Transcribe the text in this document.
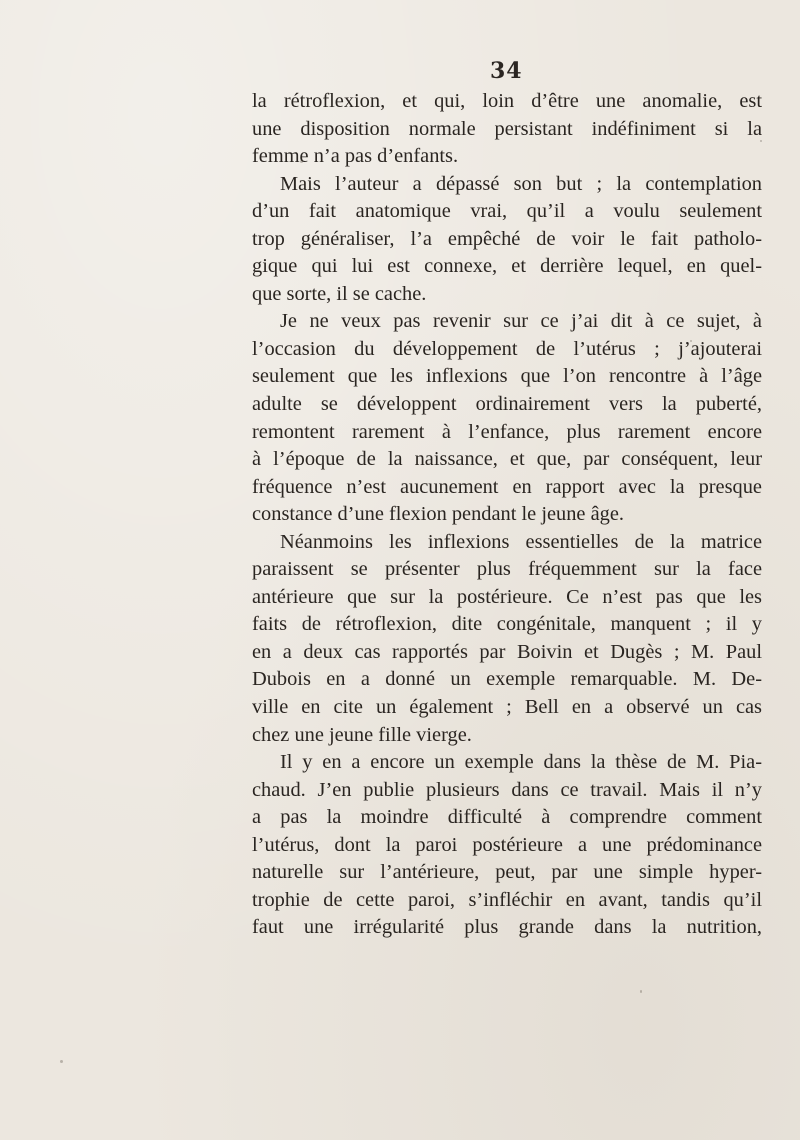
34
la rétroflexion, et qui, loin d’être une anomalie, est
une disposition normale persistant indéfiniment si la
femme n’a pas d’enfants.
Mais l’auteur a dépassé son but ; la contemplation
d’un fait anatomique vrai, qu’il a voulu seulement
trop généraliser, l’a empêché de voir le fait patholo-
gique qui lui est connexe, et derrière lequel, en quel-
que sorte, il se cache.
Je ne veux pas revenir sur ce j’ai dit à ce sujet, à
l’occasion du développement de l’utérus ; j’ajouterai
seulement que les inflexions que l’on rencontre à l’âge
adulte se développent ordinairement vers la puberté,
remontent rarement à l’enfance, plus rarement encore
à l’époque de la naissance, et que, par conséquent, leur
fréquence n’est aucunement en rapport avec la presque
constance d’une flexion pendant le jeune âge.
Néanmoins les inflexions essentielles de la matrice
paraissent se présenter plus fréquemment sur la face
antérieure que sur la postérieure. Ce n’est pas que les
faits de rétroflexion, dite congénitale, manquent ; il y
en a deux cas rapportés par Boivin et Dugès ; M. Paul
Dubois en a donné un exemple remarquable. M. De-
ville en cite un également ; Bell en a observé un cas
chez une jeune fille vierge.
Il y en a encore un exemple dans la thèse de M. Pia-
chaud. J’en publie plusieurs dans ce travail. Mais il n’y
a pas la moindre difficulté à comprendre comment
l’utérus, dont la paroi postérieure a une prédominance
naturelle sur l’antérieure, peut, par une simple hyper-
trophie de cette paroi, s’infléchir en avant, tandis qu’il
faut une irrégularité plus grande dans la nutrition,
